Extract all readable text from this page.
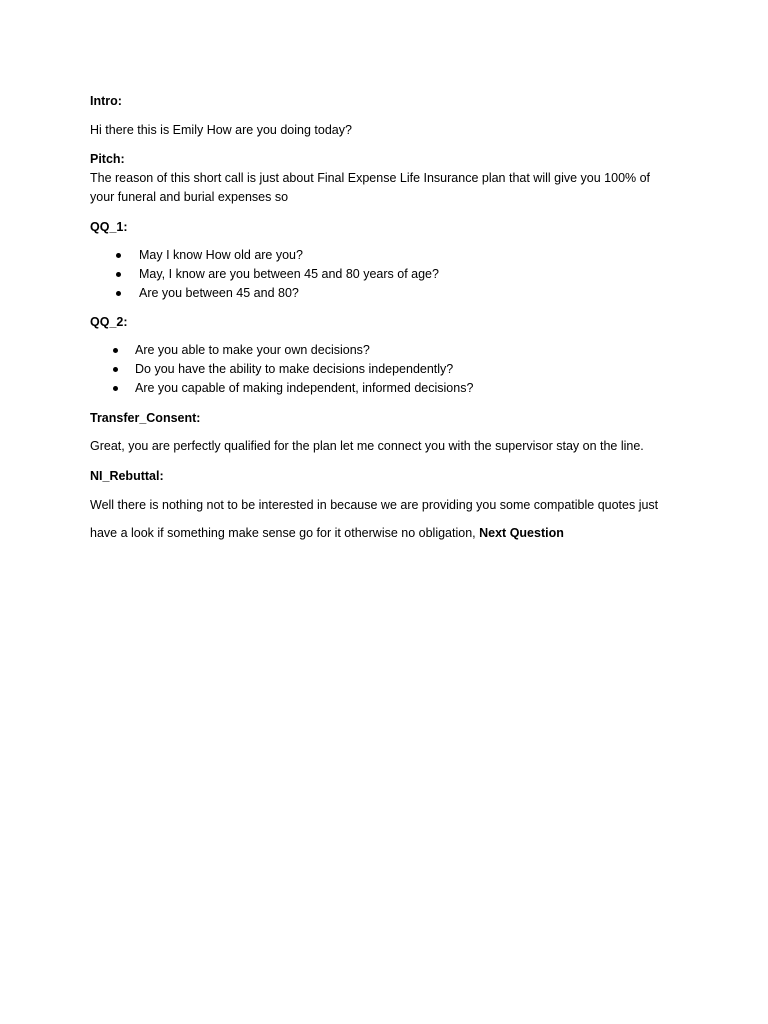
Intro:

Hi there this is Emily How are you doing today?

Pitch:

The reason of this short call is just about Final Expense Life Insurance plan that will give you 100% of

your funeral and burial expenses so

QQ_1:

May I know How old are you?
May, I know are you between 45 and 80 years of age?
Are you between 45 and 80?

QQ_2:

Are you able to make your own decisions?
Do you have the ability to make decisions independently?
Are you capable of making independent, informed decisions?

Transfer_Consent:

Great, you are perfectly qualified for the plan let me connect you with the supervisor stay on the line.

NI_Rebuttal:

Well there is nothing not to be interested in because we are providing you some compatible quotes just

have a look if something make sense go for it otherwise no obligation, Next Question
